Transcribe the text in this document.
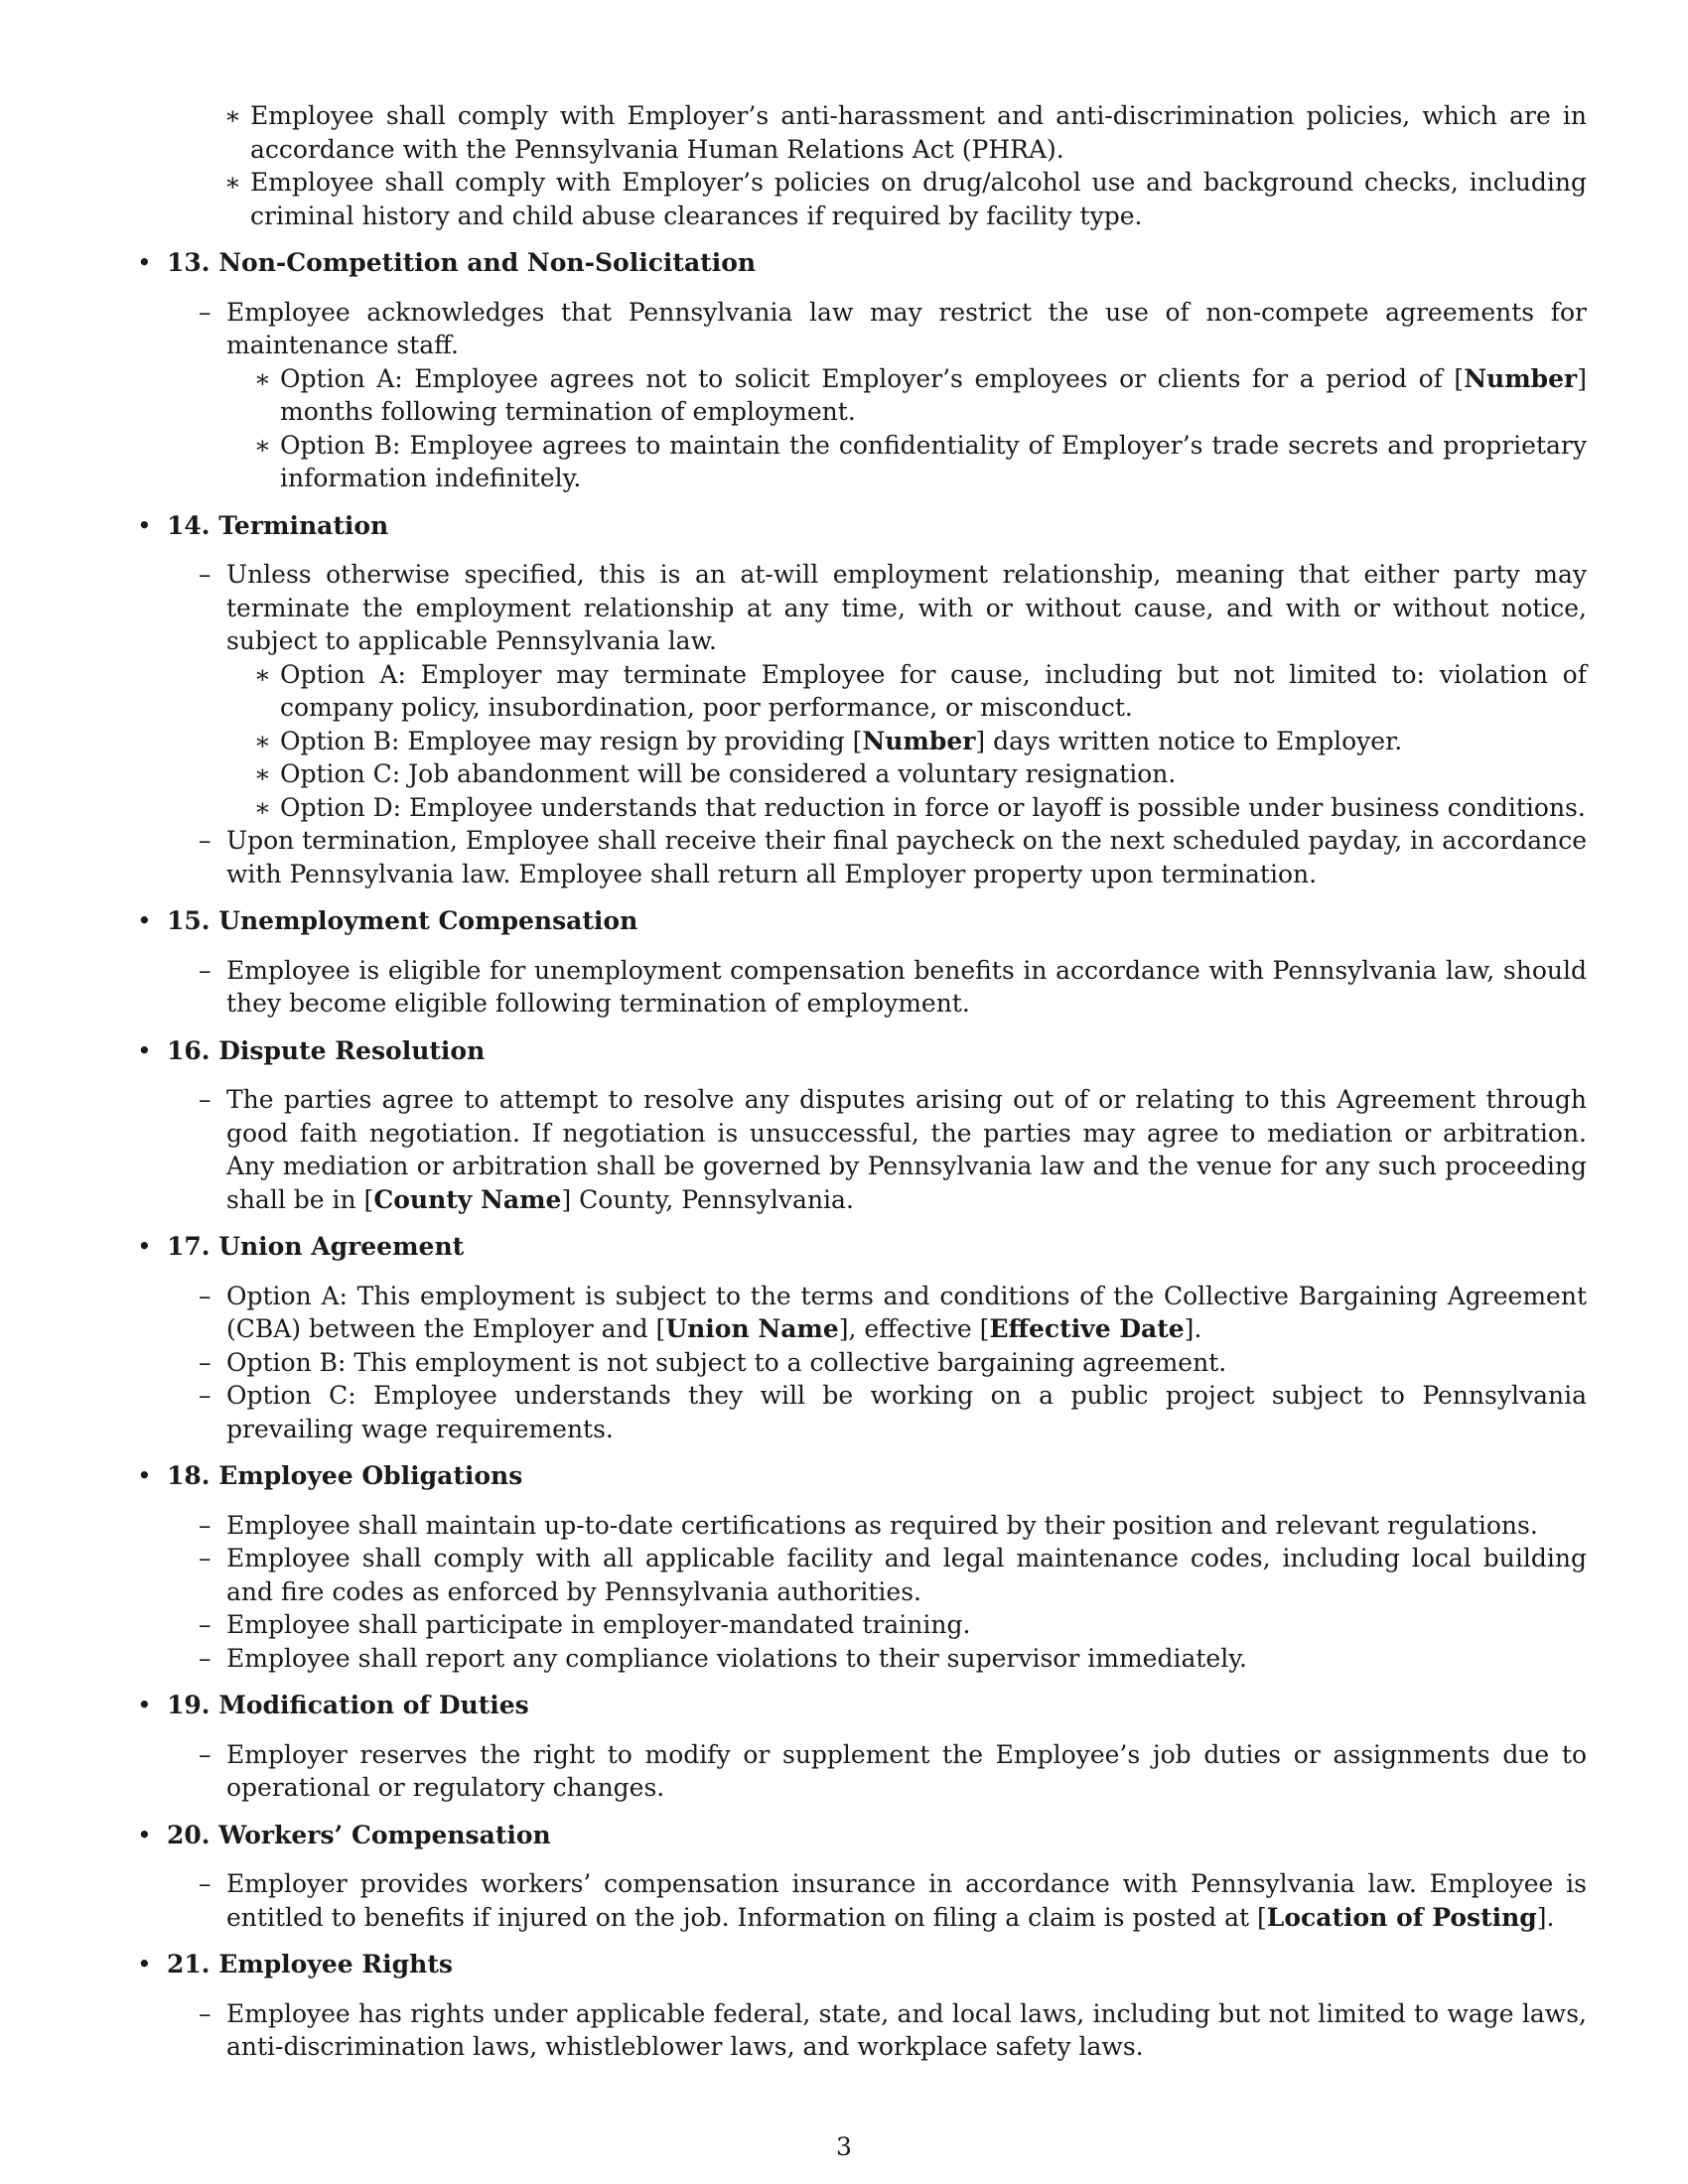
∗ Employee shall comply with Employer’s anti-harassment and anti-discrimination policies, which are in accordance with the Pennsylvania Human Relations Act (PHRA).
∗ Employee shall comply with Employer’s policies on drug/alcohol use and background checks, including criminal history and child abuse clearances if required by facility type.
• 13. Non-Competition and Non-Solicitation
– Employee acknowledges that Pennsylvania law may restrict the use of non-compete agreements for maintenance staff.
∗ Option A: Employee agrees not to solicit Employer’s employees or clients for a period of [Number] months following termination of employment.
∗ Option B: Employee agrees to maintain the confidentiality of Employer’s trade secrets and proprietary information indefinitely.
• 14. Termination
– Unless otherwise specified, this is an at-will employment relationship, meaning that either party may terminate the employment relationship at any time, with or without cause, and with or without notice, subject to applicable Pennsylvania law.
∗ Option A: Employer may terminate Employee for cause, including but not limited to: violation of company policy, insubordination, poor performance, or misconduct.
∗ Option B: Employee may resign by providing [Number] days written notice to Employer.
∗ Option C: Job abandonment will be considered a voluntary resignation.
∗ Option D: Employee understands that reduction in force or layoff is possible under business conditions.
– Upon termination, Employee shall receive their final paycheck on the next scheduled payday, in accordance with Pennsylvania law. Employee shall return all Employer property upon termination.
• 15. Unemployment Compensation
– Employee is eligible for unemployment compensation benefits in accordance with Pennsylvania law, should they become eligible following termination of employment.
• 16. Dispute Resolution
– The parties agree to attempt to resolve any disputes arising out of or relating to this Agreement through good faith negotiation. If negotiation is unsuccessful, the parties may agree to mediation or arbitration. Any mediation or arbitration shall be governed by Pennsylvania law and the venue for any such proceeding shall be in [County Name] County, Pennsylvania.
• 17. Union Agreement
– Option A: This employment is subject to the terms and conditions of the Collective Bargaining Agreement (CBA) between the Employer and [Union Name], effective [Effective Date].
– Option B: This employment is not subject to a collective bargaining agreement.
– Option C: Employee understands they will be working on a public project subject to Pennsylvania prevailing wage requirements.
• 18. Employee Obligations
– Employee shall maintain up-to-date certifications as required by their position and relevant regulations.
– Employee shall comply with all applicable facility and legal maintenance codes, including local building and fire codes as enforced by Pennsylvania authorities.
– Employee shall participate in employer-mandated training.
– Employee shall report any compliance violations to their supervisor immediately.
• 19. Modification of Duties
– Employer reserves the right to modify or supplement the Employee’s job duties or assignments due to operational or regulatory changes.
• 20. Workers’ Compensation
– Employer provides workers’ compensation insurance in accordance with Pennsylvania law. Employee is entitled to benefits if injured on the job. Information on filing a claim is posted at [Location of Posting].
• 21. Employee Rights
– Employee has rights under applicable federal, state, and local laws, including but not limited to wage laws, anti-discrimination laws, whistleblower laws, and workplace safety laws.
3
